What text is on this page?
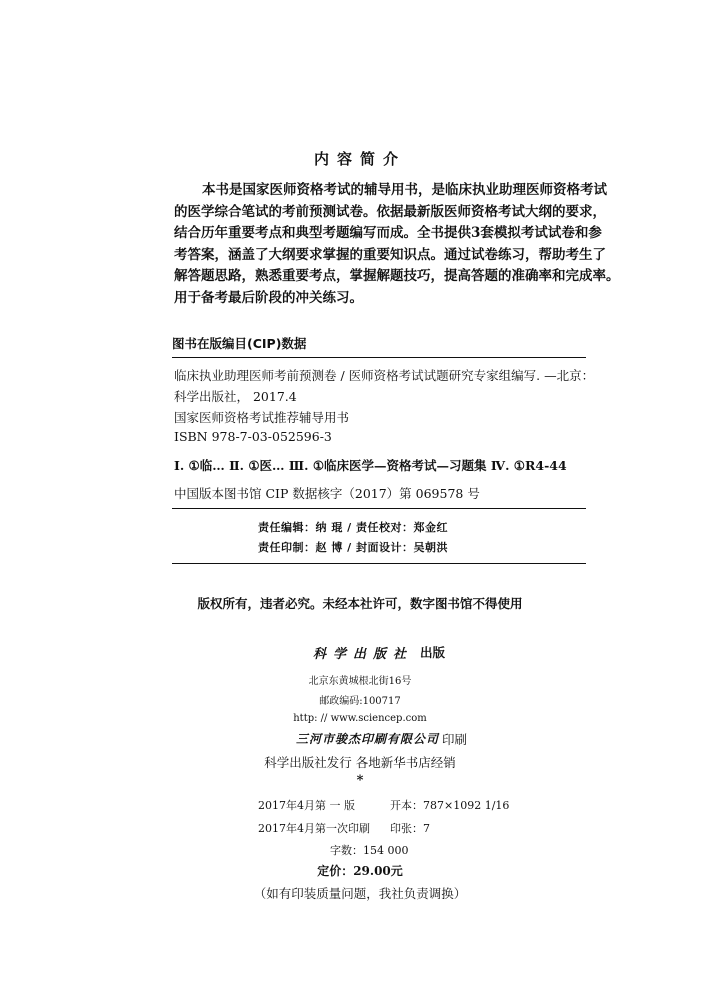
内容简介
本书是国家医师资格考试的辅导用书，是临床执业助理医师资格考试
的医学综合笔试的考前预测试卷。依据最新版医师资格考试大纲的要求，
结合历年重要考点和典型考题编写而成。全书提供3套模拟考试试卷和参
考答案，涵盖了大纲要求掌握的重要知识点。通过试卷练习，帮助考生了
解答题思路，熟悉重要考点，掌握解题技巧，提高答题的准确率和完成率。
用于备考最后阶段的冲关练习。
图书在版编目(CIP)数据
临床执业助理医师考前预测卷 / 医师资格考试试题研究专家组编写. —北京：
科学出版社， 2017.4
国家医师资格考试推荐辅导用书
ISBN 978-7-03-052596-3
Ⅰ. ①临… Ⅱ. ①医… Ⅲ. ①临床医学—资格考试—习题集 Ⅳ. ①R4-44
中国版本图书馆 CIP 数据核字（2017）第 069578 号
责任编辑：纳 琨 / 责任校对：郑金红
责任印制：赵 博 / 封面设计：吴朝洪
版权所有，违者必究。未经本社许可，数字图书馆不得使用
科学出版社 出版
北京东黄城根北街16号
邮政编码:100717
http: // www.sciencep.com
三河市骏杰印刷有限公司 印刷
科学出版社发行 各地新华书店经销
*
2017年4月第 一 版	开本：787×1092 1/16
2017年4月第一次印刷 印张：7
字数：154 000
定价：29.00元
（如有印装质量问题，我社负责调换）
